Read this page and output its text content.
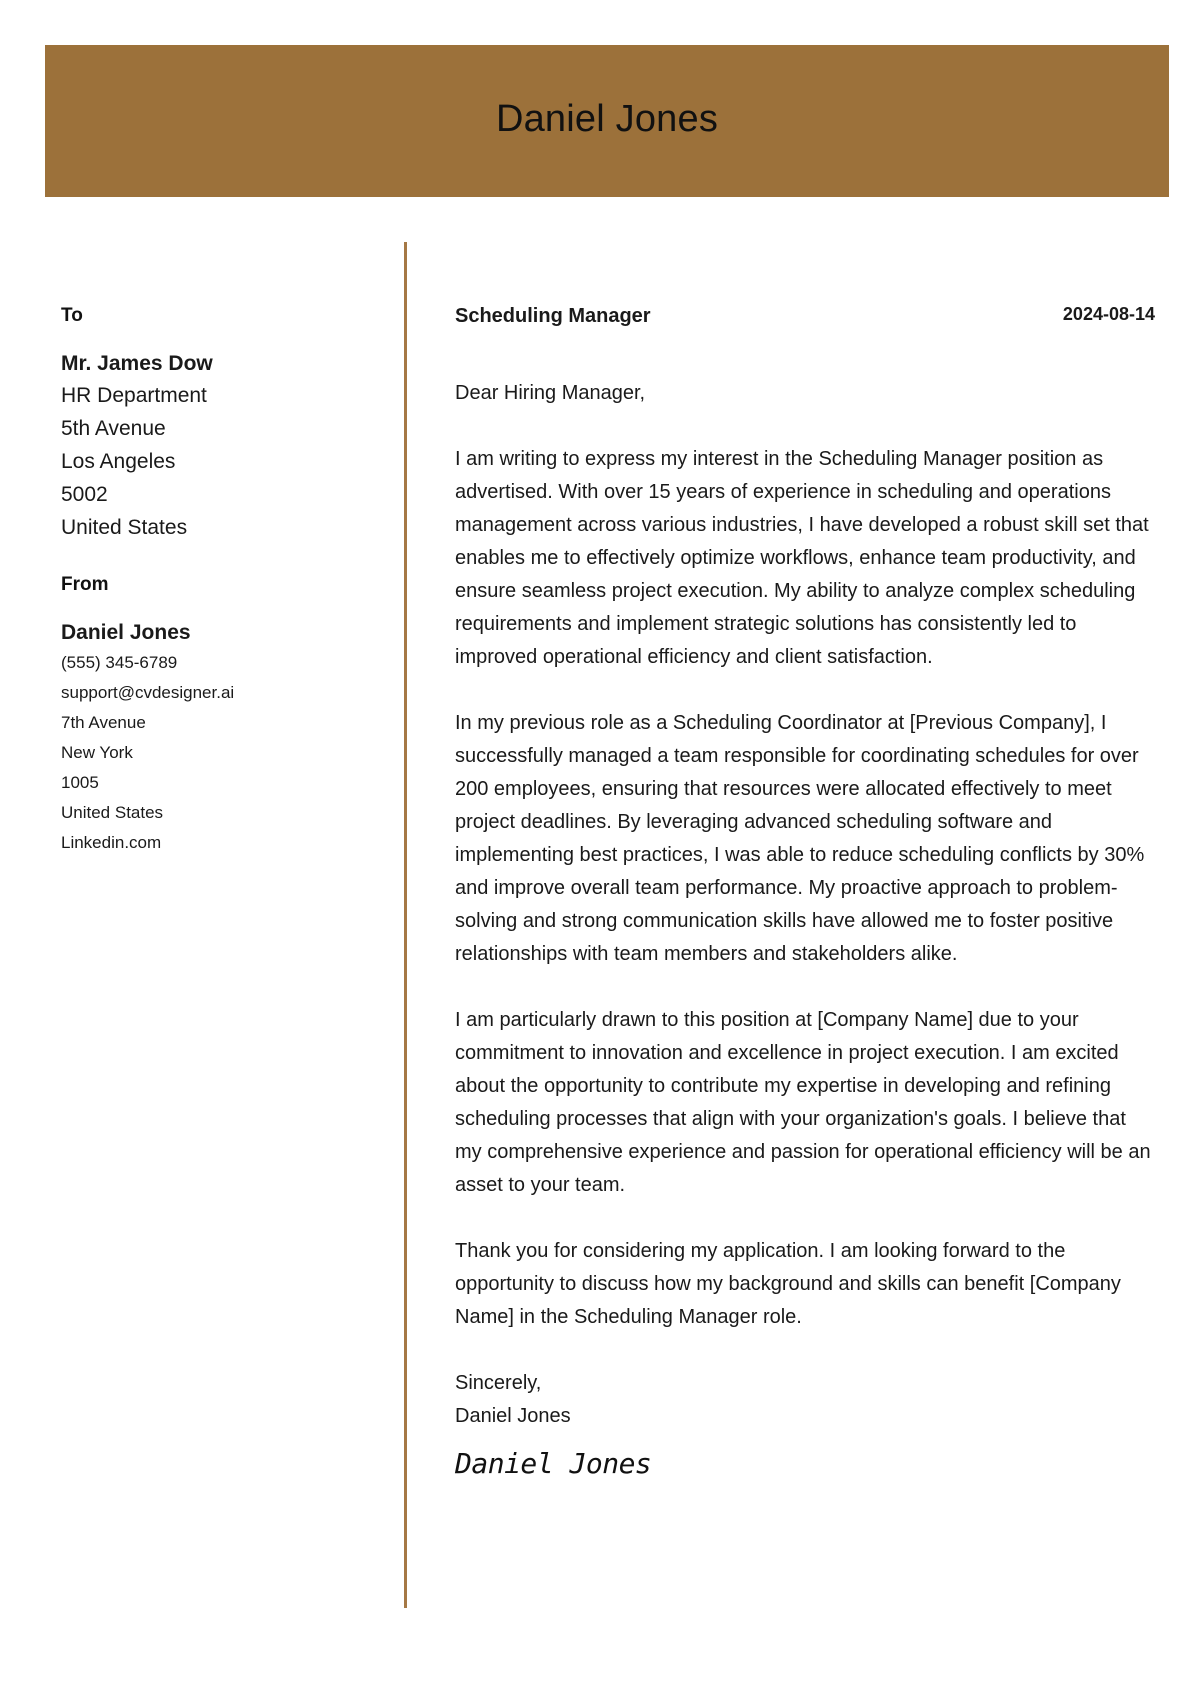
Daniel Jones
To
Mr. James Dow
HR Department
5th Avenue
Los Angeles
5002
United States
From
Daniel Jones
(555) 345-6789
support@cvdesigner.ai
7th Avenue
New York
1005
United States
Linkedin.com
Scheduling Manager	2024-08-14
Dear Hiring Manager,

I am writing to express my interest in the Scheduling Manager position as advertised. With over 15 years of experience in scheduling and operations management across various industries, I have developed a robust skill set that enables me to effectively optimize workflows, enhance team productivity, and ensure seamless project execution. My ability to analyze complex scheduling requirements and implement strategic solutions has consistently led to improved operational efficiency and client satisfaction.

In my previous role as a Scheduling Coordinator at [Previous Company], I successfully managed a team responsible for coordinating schedules for over 200 employees, ensuring that resources were allocated effectively to meet project deadlines. By leveraging advanced scheduling software and implementing best practices, I was able to reduce scheduling conflicts by 30% and improve overall team performance. My proactive approach to problem-solving and strong communication skills have allowed me to foster positive relationships with team members and stakeholders alike.

I am particularly drawn to this position at [Company Name] due to your commitment to innovation and excellence in project execution. I am excited about the opportunity to contribute my expertise in developing and refining scheduling processes that align with your organization's goals. I believe that my comprehensive experience and passion for operational efficiency will be an asset to your team.

Thank you for considering my application. I am looking forward to the opportunity to discuss how my background and skills can benefit [Company Name] in the Scheduling Manager role.

Sincerely,
Daniel Jones
Daniel Jones
